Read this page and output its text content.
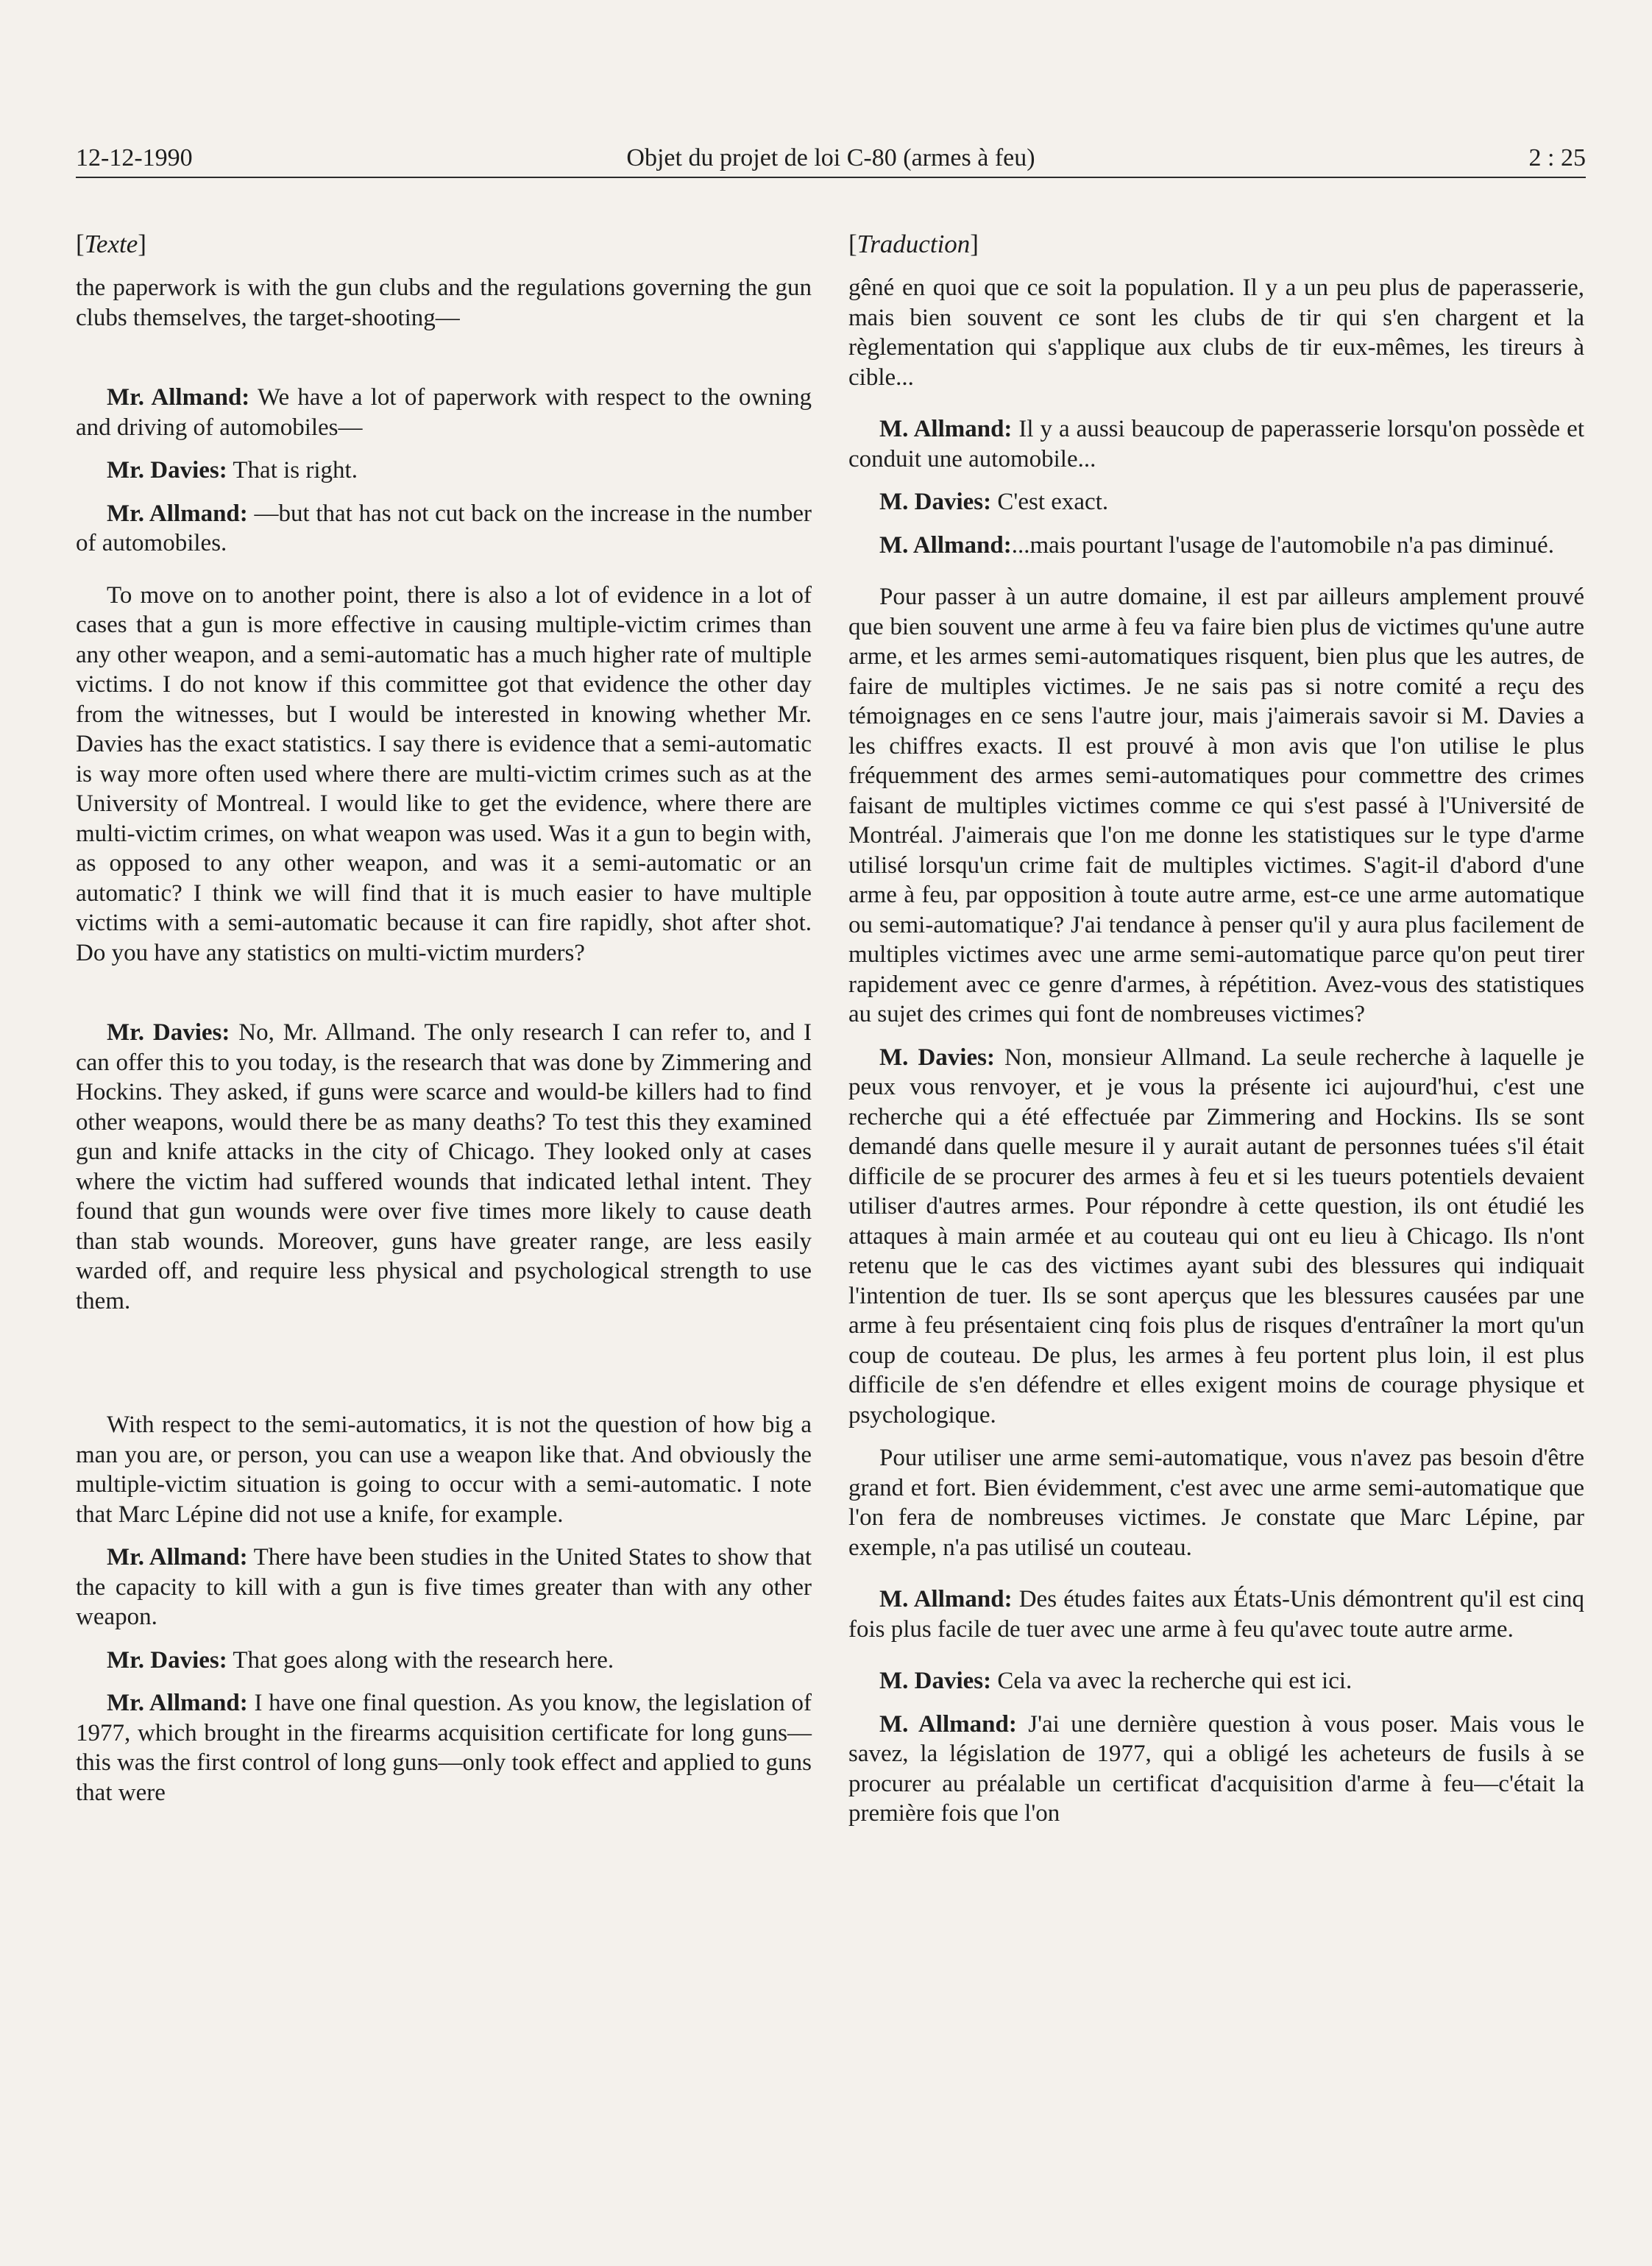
12-12-1990	Objet du projet de loi C-80 (armes à feu)	2 : 25
[Texte]

the paperwork is with the gun clubs and the regulations governing the gun clubs themselves, the target-shooting—

Mr. Allmand: We have a lot of paperwork with respect to the owning and driving of automobiles—

Mr. Davies: That is right.

Mr. Allmand: —but that has not cut back on the increase in the number of automobiles.

To move on to another point, there is also a lot of evidence in a lot of cases that a gun is more effective in causing multiple-victim crimes than any other weapon, and a semi-automatic has a much higher rate of multiple victims. I do not know if this committee got that evidence the other day from the witnesses, but I would be interested in knowing whether Mr. Davies has the exact statistics. I say there is evidence that a semi-automatic is way more often used where there are multi-victim crimes such as at the University of Montreal. I would like to get the evidence, where there are multi-victim crimes, on what weapon was used. Was it a gun to begin with, as opposed to any other weapon, and was it a semi-automatic or an automatic? I think we will find that it is much easier to have multiple victims with a semi-automatic because it can fire rapidly, shot after shot. Do you have any statistics on multi-victim murders?

Mr. Davies: No, Mr. Allmand. The only research I can refer to, and I can offer this to you today, is the research that was done by Zimmering and Hockins. They asked, if guns were scarce and would-be killers had to find other weapons, would there be as many deaths? To test this they examined gun and knife attacks in the city of Chicago. They looked only at cases where the victim had suffered wounds that indicated lethal intent. They found that gun wounds were over five times more likely to cause death than stab wounds. Moreover, guns have greater range, are less easily warded off, and require less physical and psychological strength to use them.

With respect to the semi-automatics, it is not the question of how big a man you are, or person, you can use a weapon like that. And obviously the multiple-victim situation is going to occur with a semi-automatic. I note that Marc Lépine did not use a knife, for example.

Mr. Allmand: There have been studies in the United States to show that the capacity to kill with a gun is five times greater than with any other weapon.

Mr. Davies: That goes along with the research here.

Mr. Allmand: I have one final question. As you know, the legislation of 1977, which brought in the firearms acquisition certificate for long guns—this was the first control of long guns—only took effect and applied to guns that were

[Traduction]

gêné en quoi que ce soit la population. Il y a un peu plus de paperasserie, mais bien souvent ce sont les clubs de tir qui s'en chargent et la règlementation qui s'applique aux clubs de tir eux-mêmes, les tireurs à cible...

M. Allmand: Il y a aussi beaucoup de paperasserie lorsqu'on possède et conduit une automobile...

M. Davies: C'est exact.

M. Allmand:...mais pourtant l'usage de l'automobile n'a pas diminué.

Pour passer à un autre domaine, il est par ailleurs amplement prouvé que bien souvent une arme à feu va faire bien plus de victimes qu'une autre arme, et les armes semi-automatiques risquent, bien plus que les autres, de faire de multiples victimes. Je ne sais pas si notre comité a reçu des témoignages en ce sens l'autre jour, mais j'aimerais savoir si M. Davies a les chiffres exacts. Il est prouvé à mon avis que l'on utilise le plus fréquemment des armes semi-automatiques pour commettre des crimes faisant de multiples victimes comme ce qui s'est passé à l'Université de Montréal. J'aimerais que l'on me donne les statistiques sur le type d'arme utilisé lorsqu'un crime fait de multiples victimes. S'agit-il d'abord d'une arme à feu, par opposition à toute autre arme, est-ce une arme automatique ou semi-automatique? J'ai tendance à penser qu'il y aura plus facilement de multiples victimes avec une arme semi-automatique parce qu'on peut tirer rapidement avec ce genre d'armes, à répétition. Avez-vous des statistiques au sujet des crimes qui font de nombreuses victimes?

M. Davies: Non, monsieur Allmand. La seule recherche à laquelle je peux vous renvoyer, et je vous la présente ici aujourd'hui, c'est une recherche qui a été effectuée par Zimmering and Hockins. Ils se sont demandé dans quelle mesure il y aurait autant de personnes tuées s'il était difficile de se procurer des armes à feu et si les tueurs potentiels devaient utiliser d'autres armes. Pour répondre à cette question, ils ont étudié les attaques à main armée et au couteau qui ont eu lieu à Chicago. Ils n'ont retenu que le cas des victimes ayant subi des blessures qui indiquait l'intention de tuer. Ils se sont aperçus que les blessures causées par une arme à feu présentaient cinq fois plus de risques d'entraîner la mort qu'un coup de couteau. De plus, les armes à feu portent plus loin, il est plus difficile de s'en défendre et elles exigent moins de courage physique et psychologique.

Pour utiliser une arme semi-automatique, vous n'avez pas besoin d'être grand et fort. Bien évidemment, c'est avec une arme semi-automatique que l'on fera de nombreuses victimes. Je constate que Marc Lépine, par exemple, n'a pas utilisé un couteau.

M. Allmand: Des études faites aux États-Unis démontrent qu'il est cinq fois plus facile de tuer avec une arme à feu qu'avec toute autre arme.

M. Davies: Cela va avec la recherche qui est ici.

M. Allmand: J'ai une dernière question à vous poser. Mais vous le savez, la législation de 1977, qui a obligé les acheteurs de fusils à se procurer au préalable un certificat d'acquisition d'arme à feu—c'était la première fois que l'on
